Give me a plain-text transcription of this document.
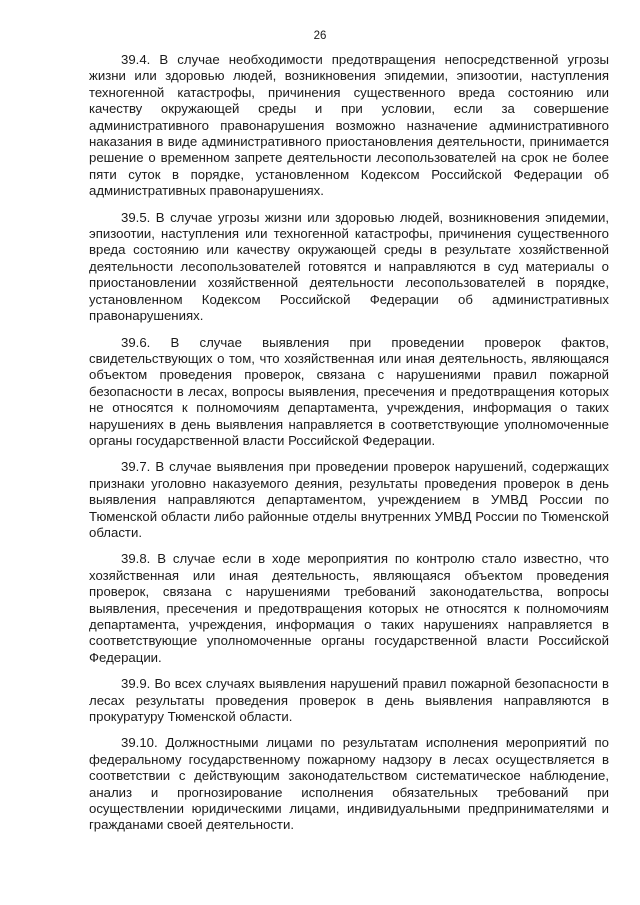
26

39.4. В случае необходимости предотвращения непосредственной угрозы жизни или здоровью людей, возникновения эпидемии, эпизоотии, наступления техногенной катастрофы, причинения существенного вреда состоянию или качеству окружающей среды и при условии, если за совершение административного правонарушения возможно назначение административного наказания в виде административного приостановления деятельности, принимается решение о временном запрете деятельности лесопользователей на срок не более пяти суток в порядке, установленном Кодексом Российской Федерации об административных правонарушениях.

39.5. В случае угрозы жизни или здоровью людей, возникновения эпидемии, эпизоотии, наступления или техногенной катастрофы, причинения существенного вреда состоянию или качеству окружающей среды в результате хозяйственной деятельности лесопользователей готовятся и направляются в суд материалы о приостановлении хозяйственной деятельности лесопользователей в порядке, установленном Кодексом Российской Федерации об административных правонарушениях.

39.6. В случае выявления при проведении проверок фактов, свидетельствующих о том, что хозяйственная или иная деятельность, являющаяся объектом проведения проверок, связана с нарушениями правил пожарной безопасности в лесах, вопросы выявления, пресечения и предотвращения которых не относятся к полномочиям департамента, учреждения, информация о таких нарушениях в день выявления направляется в соответствующие уполномоченные органы государственной власти Российской Федерации.

39.7. В случае выявления при проведении проверок нарушений, содержащих признаки уголовно наказуемого деяния, результаты проведения проверок в день выявления направляются департаментом, учреждением в УМВД России по Тюменской области либо районные отделы внутренних УМВД России по Тюменской области.

39.8. В случае если в ходе мероприятия по контролю стало известно, что хозяйственная или иная деятельность, являющаяся объектом проведения проверок, связана с нарушениями требований законодательства, вопросы выявления, пресечения и предотвращения которых не относятся к полномочиям департамента, учреждения, информация о таких нарушениях направляется в соответствующие уполномоченные органы государственной власти Российской Федерации.

39.9. Во всех случаях выявления нарушений правил пожарной безопасности в лесах результаты проведения проверок в день выявления направляются в прокуратуру Тюменской области.

39.10. Должностными лицами по результатам исполнения мероприятий по федеральному государственному пожарному надзору в лесах осуществляется в соответствии с действующим законодательством систематическое наблюдение, анализ и прогнозирование исполнения обязательных требований при осуществлении юридическими лицами, индивидуальными предпринимателями и гражданами своей деятельности.
